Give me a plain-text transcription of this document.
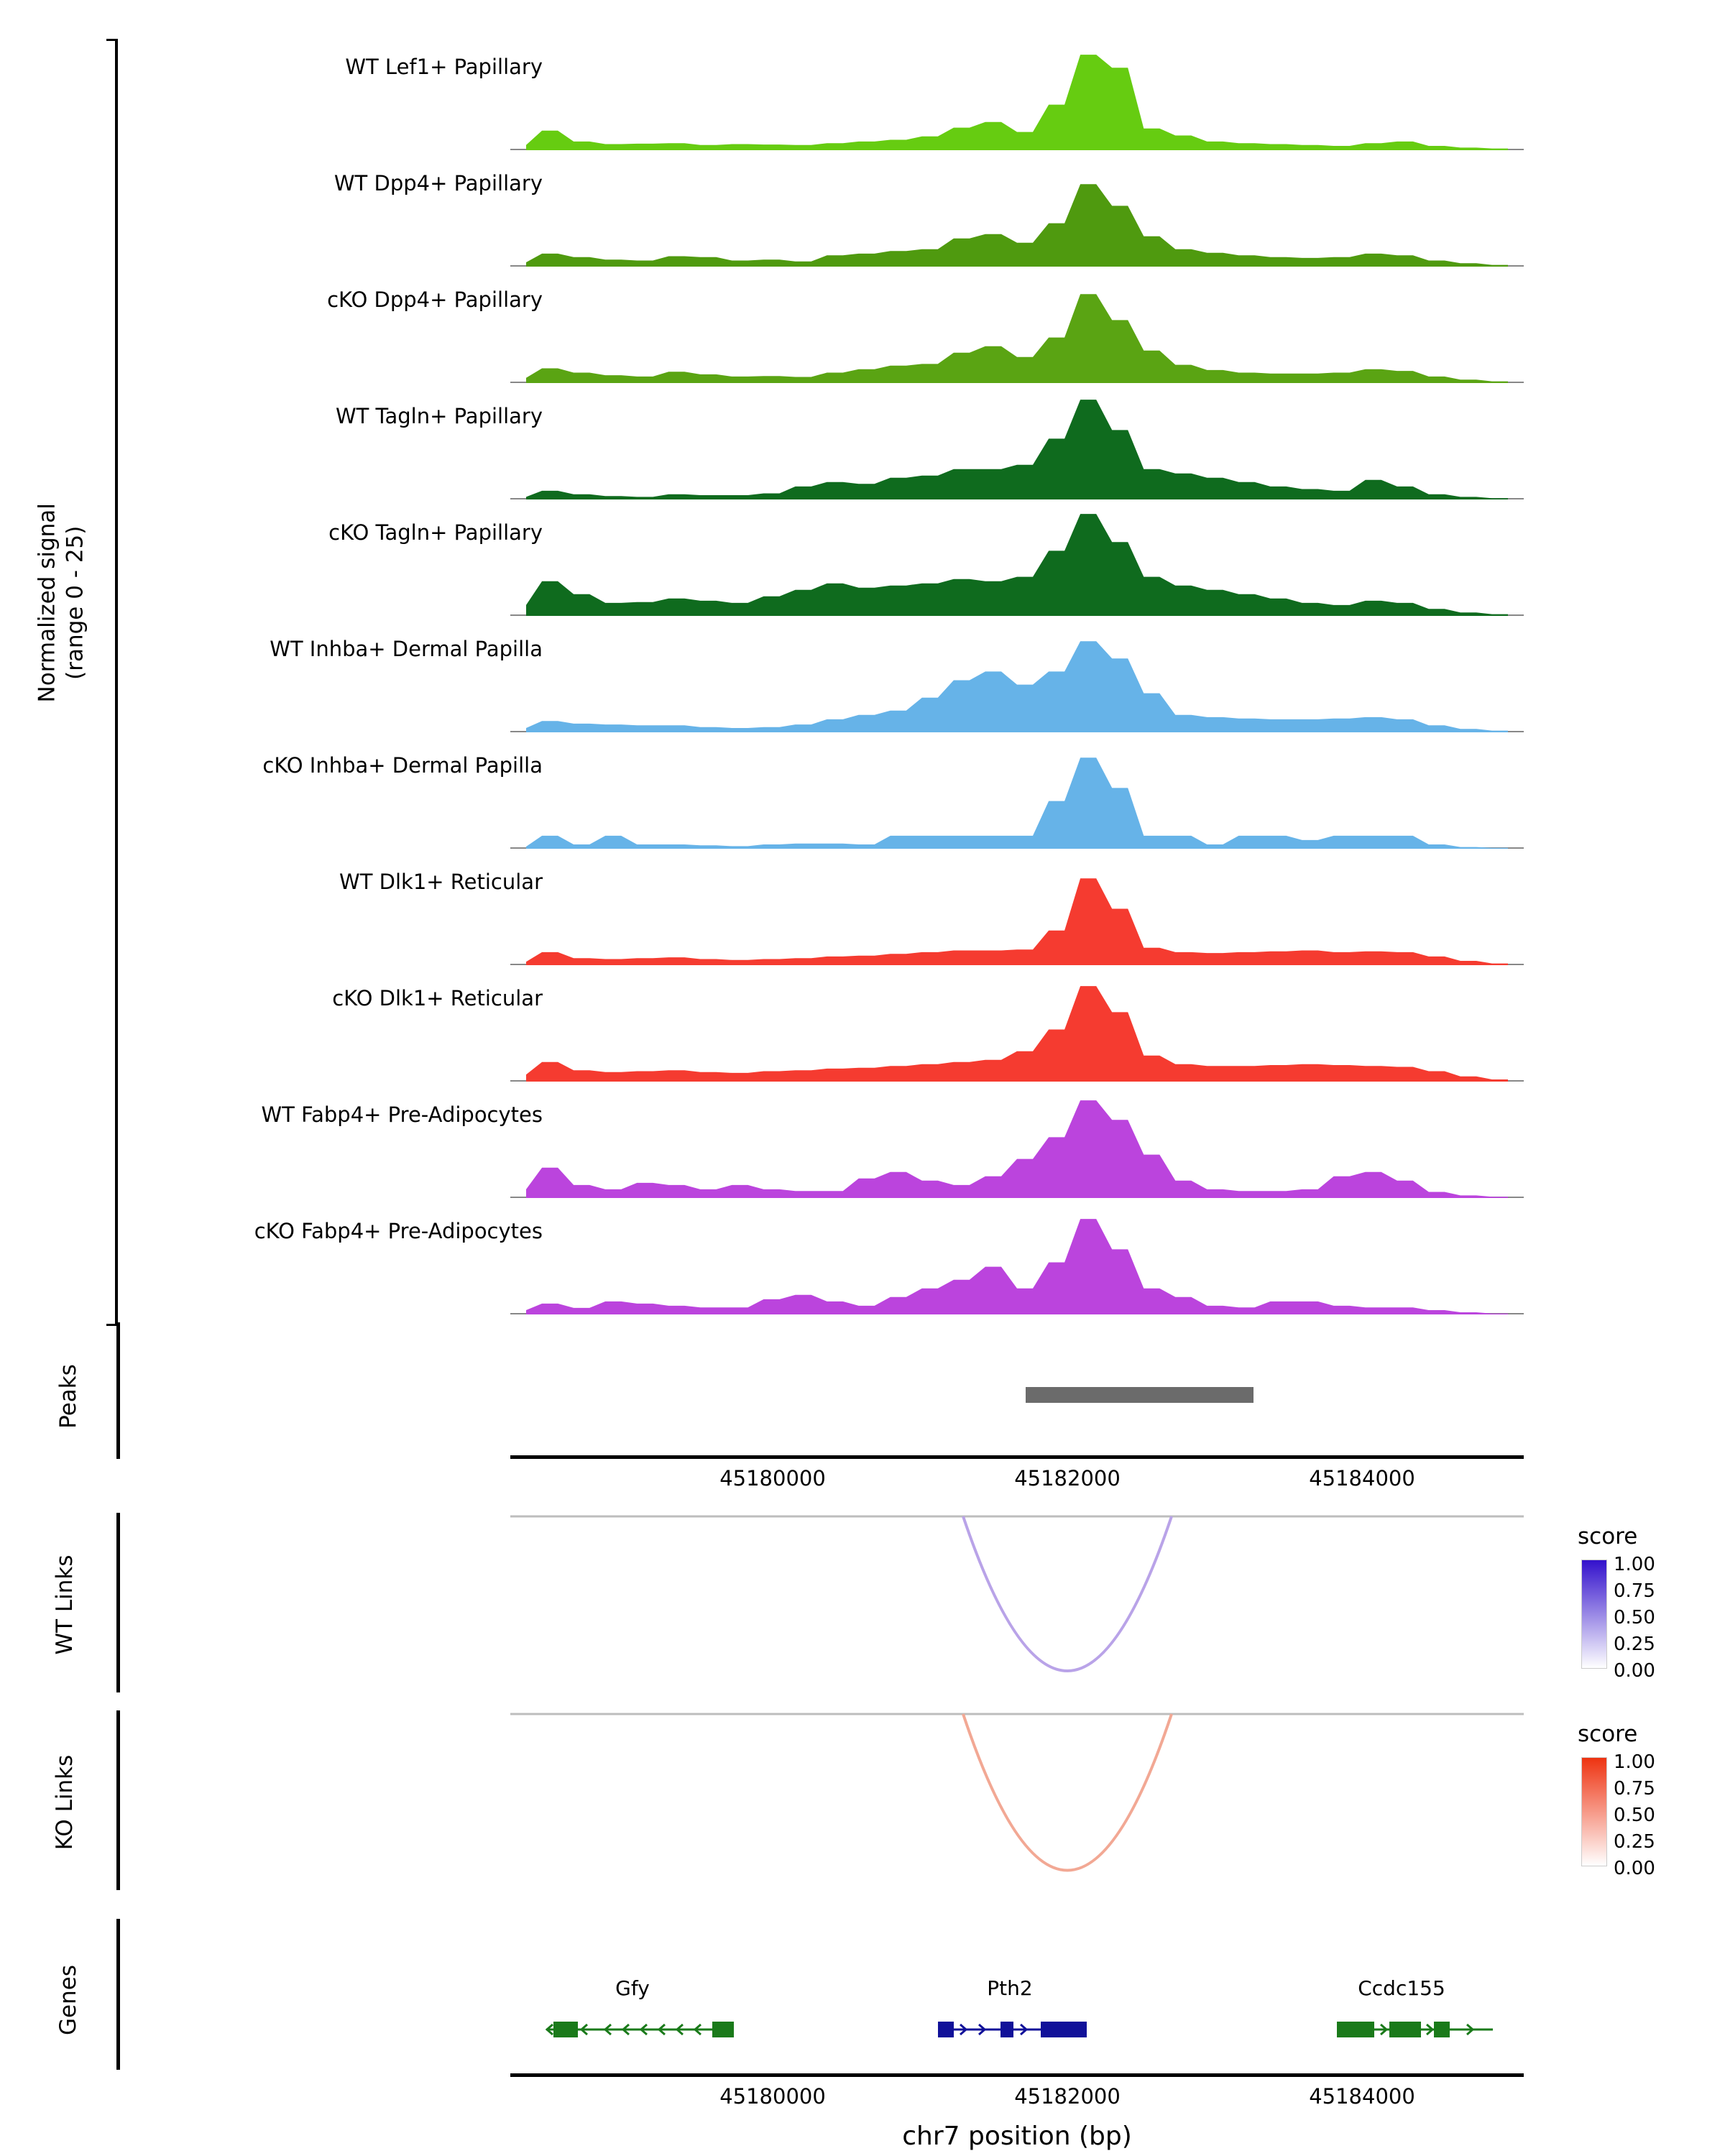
Normalized signal
(range 0 - 25)
WT Lef1+ Papillary
WT Dpp4+ Papillary
cKO Dpp4+ Papillary
WT Tagln+ Papillary
cKO Tagln+ Papillary
WT Inhba+ Dermal Papilla
cKO Inhba+ Dermal Papilla
WT Dlk1+ Reticular
cKO Dlk1+ Reticular
WT Fabp4+ Pre-Adipocytes
cKO Fabp4+ Pre-Adipocytes
Peaks
45180000	45182000	45184000
WT Links
score
1.00
0.75
0.50
0.25
0.00
KO Links
score
1.00
0.75
0.50
0.25
0.00
Genes	Gfy	Pth2	Ccdc155
45180000	45182000	45184000
chr7 position (bp)
